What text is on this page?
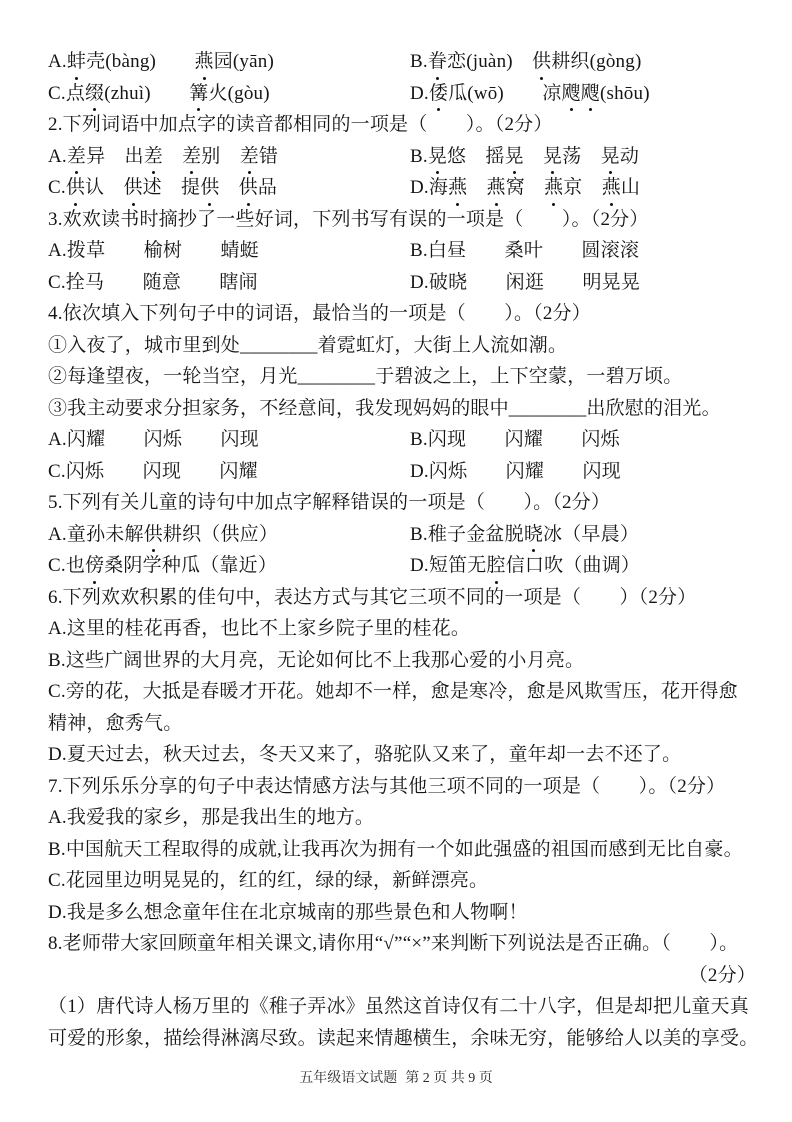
A.蚌壳(bàng)　　 燕园(yān)	B.眷恋(juàn)　 供耕织(gòng)
C.点缀(zhuì)　　 篝火(gòu)	D.倭瓜(wō)　　 凉飕飕(shōu)
2.下列词语中加点字的读音都相同的一项是（　　）。（2分）
A.差异　出差　 差别　差错	B.晃悠　摇晃　 晃荡　晃动
C.供认　供述　提供　 供品	D.海燕　 燕窝　燕京　燕山
3.欢欢读书时摘抄了一些好词，下列书写有误的一项是（　　）。（2分）
A.拨草　　榆树　　蜻蜓	B.白昼　　桑叶　　圆滚滚
C.拴马　　随意　　瞎闹	D.破晓　　闲逛　　明晃晃
4.依次填入下列句子中的词语，最恰当的一项是（　　）。（2分）
①入夜了，城市里到处________着霓虹灯，大街上人流如潮。
②每逢望夜，一轮当空，月光________于碧波之上，上下空蒙，一碧万顷。
③我主动要求分担家务，不经意间，我发现妈妈的眼中________出欣慰的泪光。
A.闪耀　　闪烁　　闪现	B.闪现　　闪耀　　闪烁
C.闪烁　　闪现　　闪耀	D.闪烁　　闪耀　　闪现
5.下列有关儿童的诗句中加点字解释错误的一项是（　　）。（2分）
A.童孙未解供耕织（供应）	B.稚子金盆脱晓冰（早晨）
C.也傍桑阴学种瓜（靠近）	D.短笛无腔信口吹（曲调）
6.下列欢欢积累的佳句中，表达方式与其它三项不同的一项是（　　）（2分）
A.这里的桂花再香，也比不上家乡院子里的桂花。
B.这些广阔世界的大月亮，无论如何比不上我那心爱的小月亮。
C.旁的花，大抵是春暖才开花。她却不一样，愈是寒冷，愈是风欺雪压，花开得愈
精神，愈秀气。
D.夏天过去，秋天过去，冬天又来了，骆驼队又来了，童年却一去不还了。
7.下列乐乐分享的句子中表达情感方法与其他三项不同的一项是（　　）。（2分）
A.我爱我的家乡，那是我出生的地方。
B.中国航天工程取得的成就,让我再次为拥有一个如此强盛的祖国而感到无比自豪。
C.花园里边明晃晃的，红的红，绿的绿，新鲜漂亮。
D.我是多么想念童年住在北京城南的那些景色和人物啊！
8.老师带大家回顾童年相关课文,请你用“√”“×”来判断下列说法是否正确。（　　）。
（2分）
（1）唐代诗人杨万里的《稚子弄冰》虽然这首诗仅有二十八字，但是却把儿童天真
可爱的形象，描绘得淋漓尽致。读起来情趣横生，余味无穷，能够给人以美的享受。
五年级语文试题 第 2 页 共 9 页
